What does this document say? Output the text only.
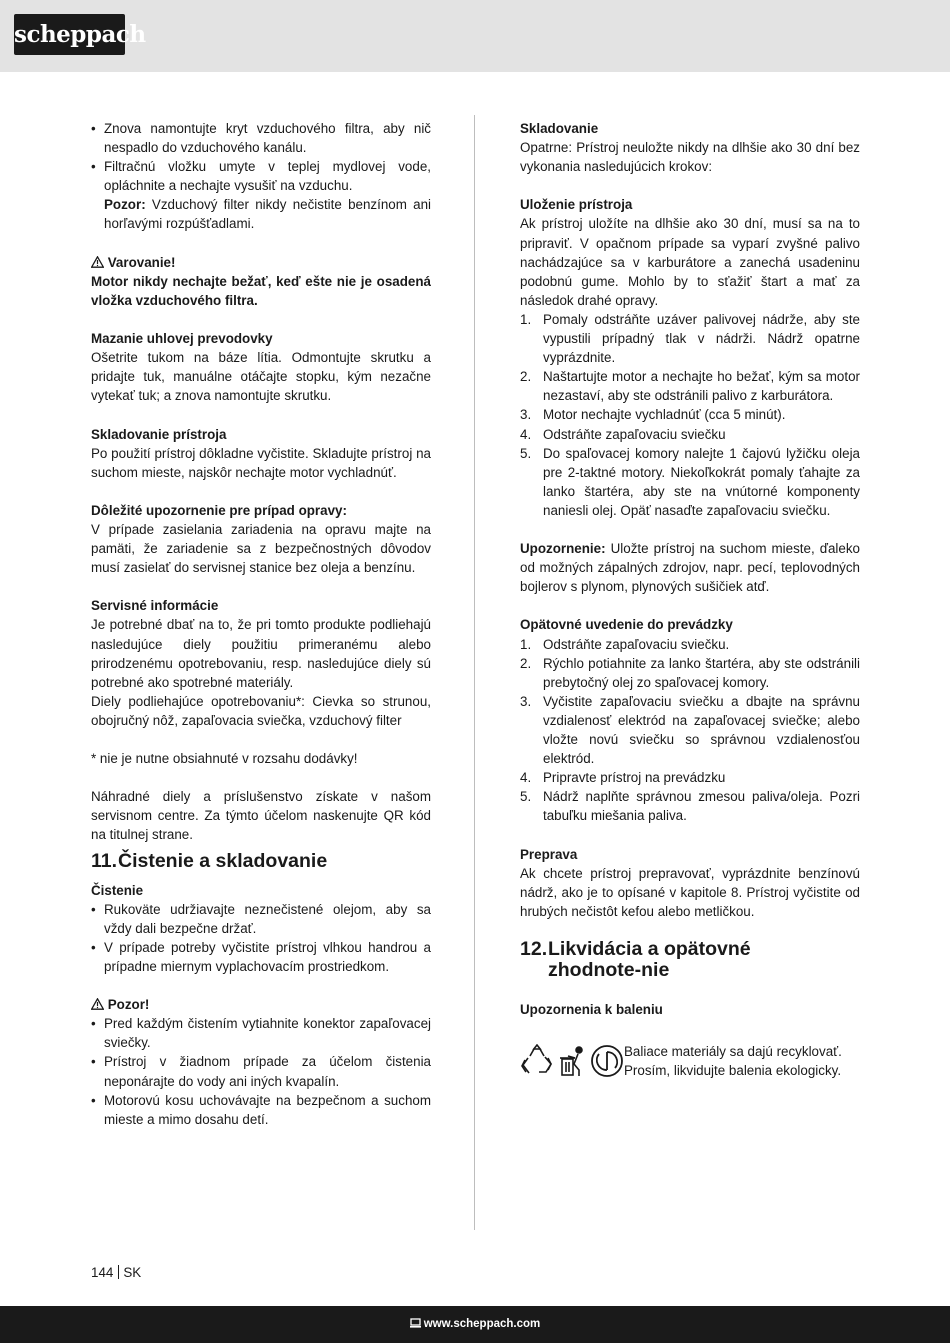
scheppach
• Znova namontujte kryt vzduchového filtra, aby nič nespadlo do vzduchového kanálu.
• Filtračnú vložku umyte v teplej mydlovej vode, opláchnite a nechajte vysušiť na vzduchu.
Pozor: Vzduchový filter nikdy nečistite benzínom ani horľavými rozpúšťadlami.

Varovanie!

Motor nikdy nechajte bežať, keď ešte nie je osadená vložka vzduchového filtra.

Mazanie uhlovej prevodovky

Ošetrite tukom na báze lítia. Odmontujte skrutku a pridajte tuk, manuálne otáčajte stopku, kým nezačne vytekať tuk; a znova namontujte skrutku.

Skladovanie prístroja

Po použití prístroj dôkladne vyčistite. Skladujte prístroj na suchom mieste, najskôr nechajte motor vychladnúť.

Dôležité upozornenie pre prípad opravy:

V prípade zasielania zariadenia na opravu majte na pamäti, že zariadenie sa z bezpečnostných dôvodov musí zasielať do servisnej stanice bez oleja a benzínu.

Servisné informácie

Je potrebné dbať na to, že pri tomto produkte podliehajú nasledujúce diely použitiu primeranému alebo prirodzenému opotrebovaniu, resp. nasledujúce diely sú potrebné ako spotrebné materiály.

Diely podliehajúce opotrebovaniu*: Cievka so strunou, obojručný nôž, zapaľovacia sviečka, vzduchový filter

* nie je nutne obsiahnuté v rozsahu dodávky!

Náhradné diely a príslušenstvo získate v našom servisnom centre. Za týmto účelom naskenujte QR kód na titulnej strane.

11. Čistenie a skladovanie

Čistenie

• Rukoväte udržiavajte neznečistené olejom, aby sa vždy dali bezpečne držať.
• V prípade potreby vyčistite prístroj vlhkou handrou a prípadne miernym vyplachovacím prostriedkom.

Pozor!

• Pred každým čistením vytiahnite konektor zapaľovacej sviečky.
• Prístroj v žiadnom prípade za účelom čistenia neponárajte do vody ani iných kvapalín.
• Motorovú kosu uchovávajte na bezpečnom a suchom mieste a mimo dosahu detí.

Skladovanie

Opatrne: Prístroj neuložte nikdy na dlhšie ako 30 dní bez vykonania nasledujúcich krokov:

Uloženie prístroja

Ak prístroj uložíte na dlhšie ako 30 dní, musí sa na to pripraviť. V opačnom prípade sa vyparí zvyšné palivo nachádzajúce sa v karburátore a zanechá usadeninu podobnú gume. Mohlo by to sťažiť štart a mať za následok drahé opravy.

1. Pomaly odstráňte uzáver palivovej nádrže, aby ste vypustili prípadný tlak v nádrži. Nádrž opatrne vyprázdnite.
2. Naštartujte motor a nechajte ho bežať, kým sa motor nezastaví, aby ste odstránili palivo z karburátora.
3. Motor nechajte vychladnúť (cca 5 minút).
4. Odstráňte zapaľovaciu sviečku
5. Do spaľovacej komory nalejte 1 čajovú lyžičku oleja pre 2-taktné motory. Niekoľkokrát pomaly ťahajte za lanko štartéra, aby ste na vnútorné komponenty naniesli olej. Opäť nasaďte zapaľovaciu sviečku.

Upozornenie: Uložte prístroj na suchom mieste, ďaleko od možných zápalných zdrojov, napr. pecí, teplovodných bojlerov s plynom, plynových sušičiek atď.

Opätovné uvedenie do prevádzky

1. Odstráňte zapaľovaciu sviečku.
2. Rýchlo potiahnite za lanko štartéra, aby ste odstránili prebytočný olej zo spaľovacej komory.
3. Vyčistite zapaľovaciu sviečku a dbajte na správnu vzdialenosť elektród na zapaľovacej sviečke; alebo vložte novú sviečku so správnou vzdialenosťou elektród.
4. Pripravte prístroj na prevádzku
5. Nádrž naplňte správnou zmesou paliva/oleja. Pozri tabuľku miešania paliva.

Preprava

Ak chcete prístroj prepravovať, vyprázdnite benzínovú nádrž, ako je to opísané v kapitole 8. Prístroj vyčistite od hrubých nečistôt kefou alebo metličkou.

12. Likvidácia a opätovné zhodnote-nie

Upozornenia k baleniu

Baliace materiály sa dajú recyklovať. Prosím, likvidujte balenia ekologicky.

144 SK
www.scheppach.com
